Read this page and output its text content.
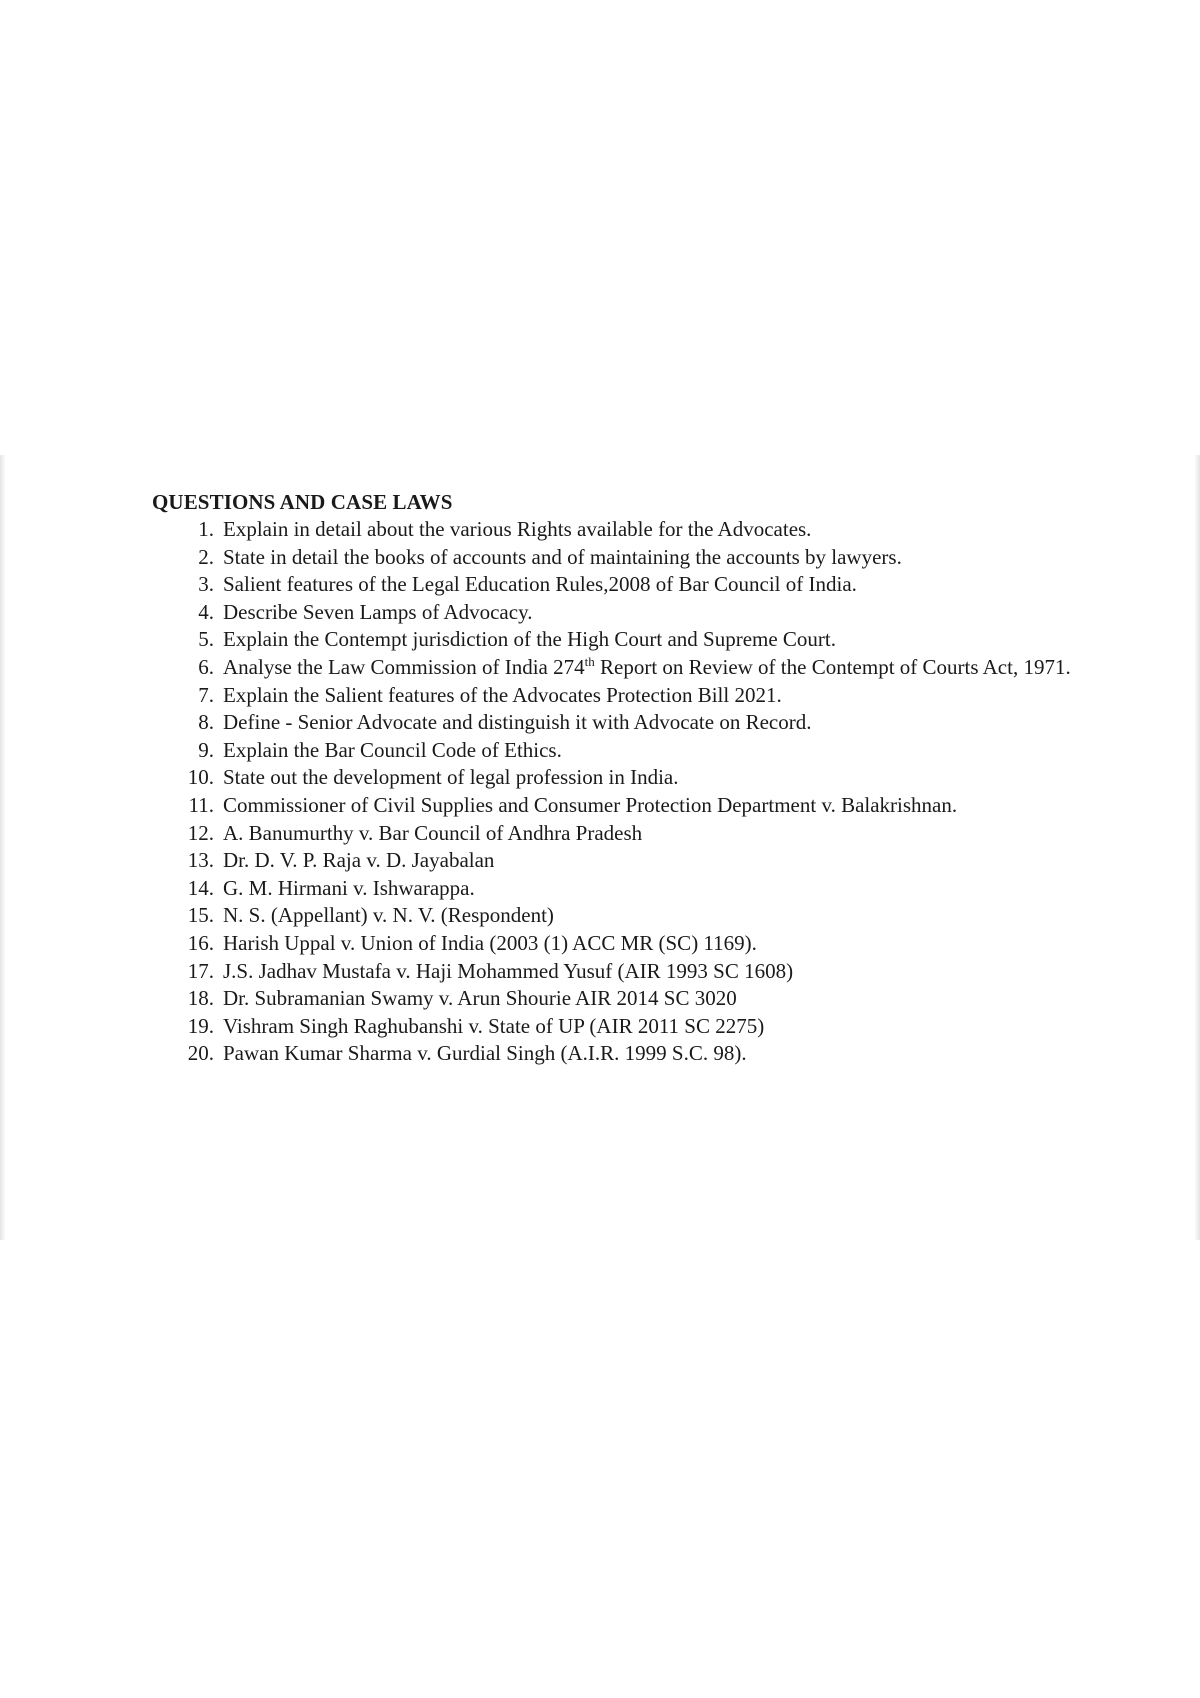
QUESTIONS AND CASE LAWS
1. Explain in detail about the various Rights available for the Advocates.
2. State in detail the books of accounts and of maintaining the accounts by lawyers.
3. Salient features of the Legal Education Rules,2008 of Bar Council of India.
4. Describe Seven Lamps of Advocacy.
5. Explain the Contempt jurisdiction of the High Court and Supreme Court.
6. Analyse the Law Commission of India 274th Report on Review of the Contempt of Courts Act, 1971.
7. Explain the Salient features of the Advocates Protection Bill 2021.
8. Define - Senior Advocate and distinguish it with Advocate on Record.
9. Explain the Bar Council Code of Ethics.
10. State out the development of legal profession in India.
11. Commissioner of Civil Supplies and Consumer Protection Department v. Balakrishnan.
12. A. Banumurthy v. Bar Council of Andhra Pradesh
13. Dr. D. V. P. Raja v. D. Jayabalan
14. G. M. Hirmani v. Ishwarappa.
15. N. S. (Appellant) v. N. V. (Respondent)
16. Harish Uppal v. Union of India (2003 (1) ACC MR (SC) 1169).
17. J.S. Jadhav Mustafa v. Haji Mohammed Yusuf (AIR 1993 SC 1608)
18. Dr. Subramanian Swamy v. Arun Shourie AIR 2014 SC 3020
19. Vishram Singh Raghubanshi v. State of UP (AIR 2011 SC 2275)
20. Pawan Kumar Sharma v. Gurdial Singh (A.I.R. 1999 S.C. 98).
